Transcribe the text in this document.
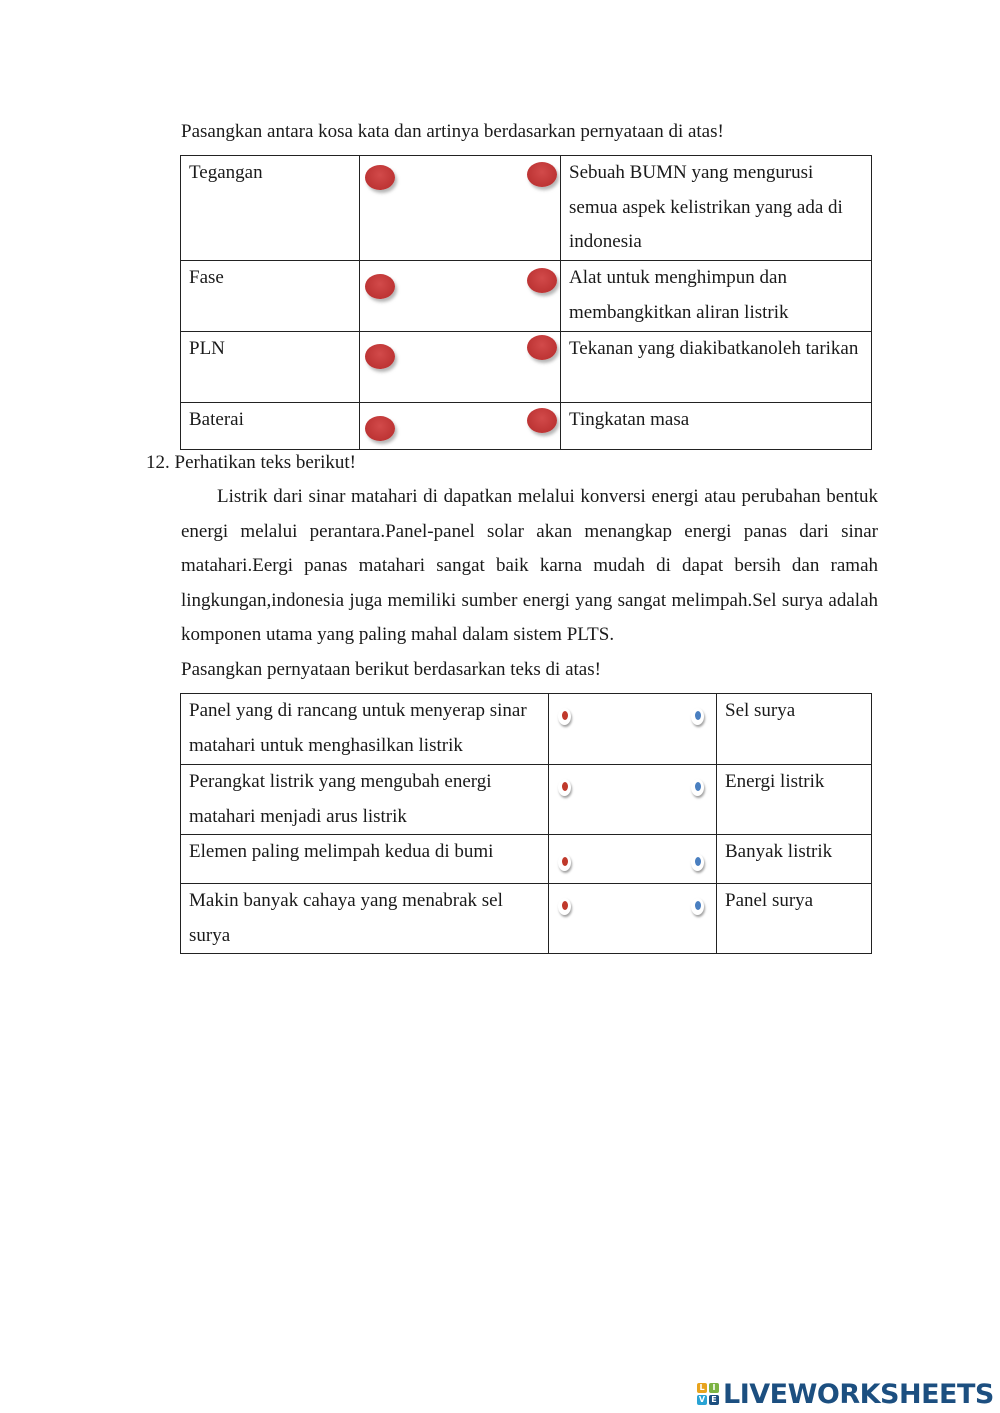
Pasangkan antara kosa kata dan artinya berdasarkan pernyataan di atas!
Tegangan		Sebuah BUMN yang mengurusi semua aspek kelistrikan yang ada di indonesia
Fase		Alat untuk menghimpun dan membangkitkan aliran listrik
PLN		Tekanan yang diakibatkanoleh tarikan
Baterai		Tingkatan masa
12. Perhatikan teks berikut!
Listrik dari sinar matahari di dapatkan melalui konversi energi atau perubahan bentuk energi melalui perantara.Panel-panel solar akan menangkap energi panas dari sinar matahari.Eergi panas matahari sangat baik karna mudah di dapat bersih dan ramah lingkungan,indonesia juga memiliki sumber energi yang sangat melimpah.Sel surya adalah komponen utama yang paling mahal dalam sistem PLTS.
Pasangkan pernyataan berikut berdasarkan teks di atas!
Panel yang di rancang untuk menyerap sinar matahari untuk menghasilkan listrik		Sel surya
Perangkat listrik yang mengubah energi matahari menjadi arus listrik		Energi listrik
Elemen paling melimpah kedua di bumi		Banyak listrik
Makin banyak cahaya yang menabrak sel surya		Panel surya
L I
V E LIVEWORKSHEETS
